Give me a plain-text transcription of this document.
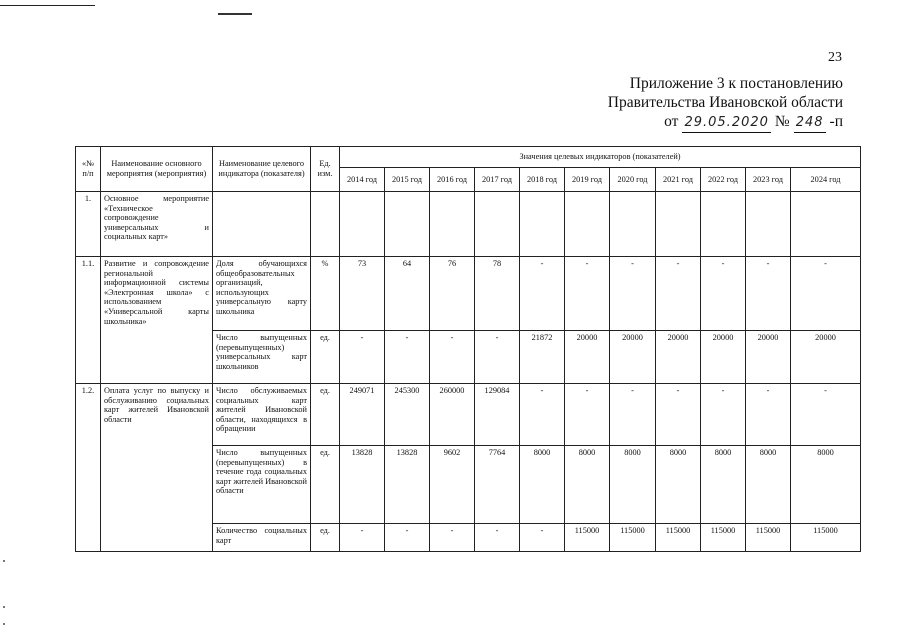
23
Приложение 3 к постановлению
Правительства Ивановской области
от 29.05.2020 № 248 -п
«№ п/п	Наименование основного мероприятия (мероприятия)	Наименование целевого индикатора (показателя)	Ед. изм.	Значения целевых индикаторов (показателей)										
				2014 год	2015 год	2016 год	2017 год	2018 год	2019 год	2020 год	2021 год	2022 год	2023 год	2024 год
1.	Основное мероприятие «Техническое сопровождение универсальных и социальных карт»													
1.1.	Развитие и сопровождение региональной информационной системы «Электронная школа» с использованием «Универсальной карты школьника»	Доля обучающихся общеобразовательных организаций, использующих универсальную карту школьника	%	73	64	76	78	-	-	-	-	-	-	-
		Число выпущенных (перевыпущенных) универсальных карт школьников	ед.	-	-	-	-	21872	20000	20000	20000	20000	20000	20000
1.2.	Оплата услуг по выпуску и обслуживанию социальных карт жителей Ивановской области	Число обслуживаемых социальных карт жителей Ивановской области, находящихся в обращении	ед.	249071	245300	260000	129084	-	-	-	-	-	-	-
		Число выпущенных (перевыпущенных) в течение года социальных карт жителей Ивановской области	ед.	13828	13828	9602	7764	8000	8000	8000	8000	8000	8000	8000
		Количество социальных карт	ед.	-	-	-	-	-	115000	115000	115000	115000	115000	115000
